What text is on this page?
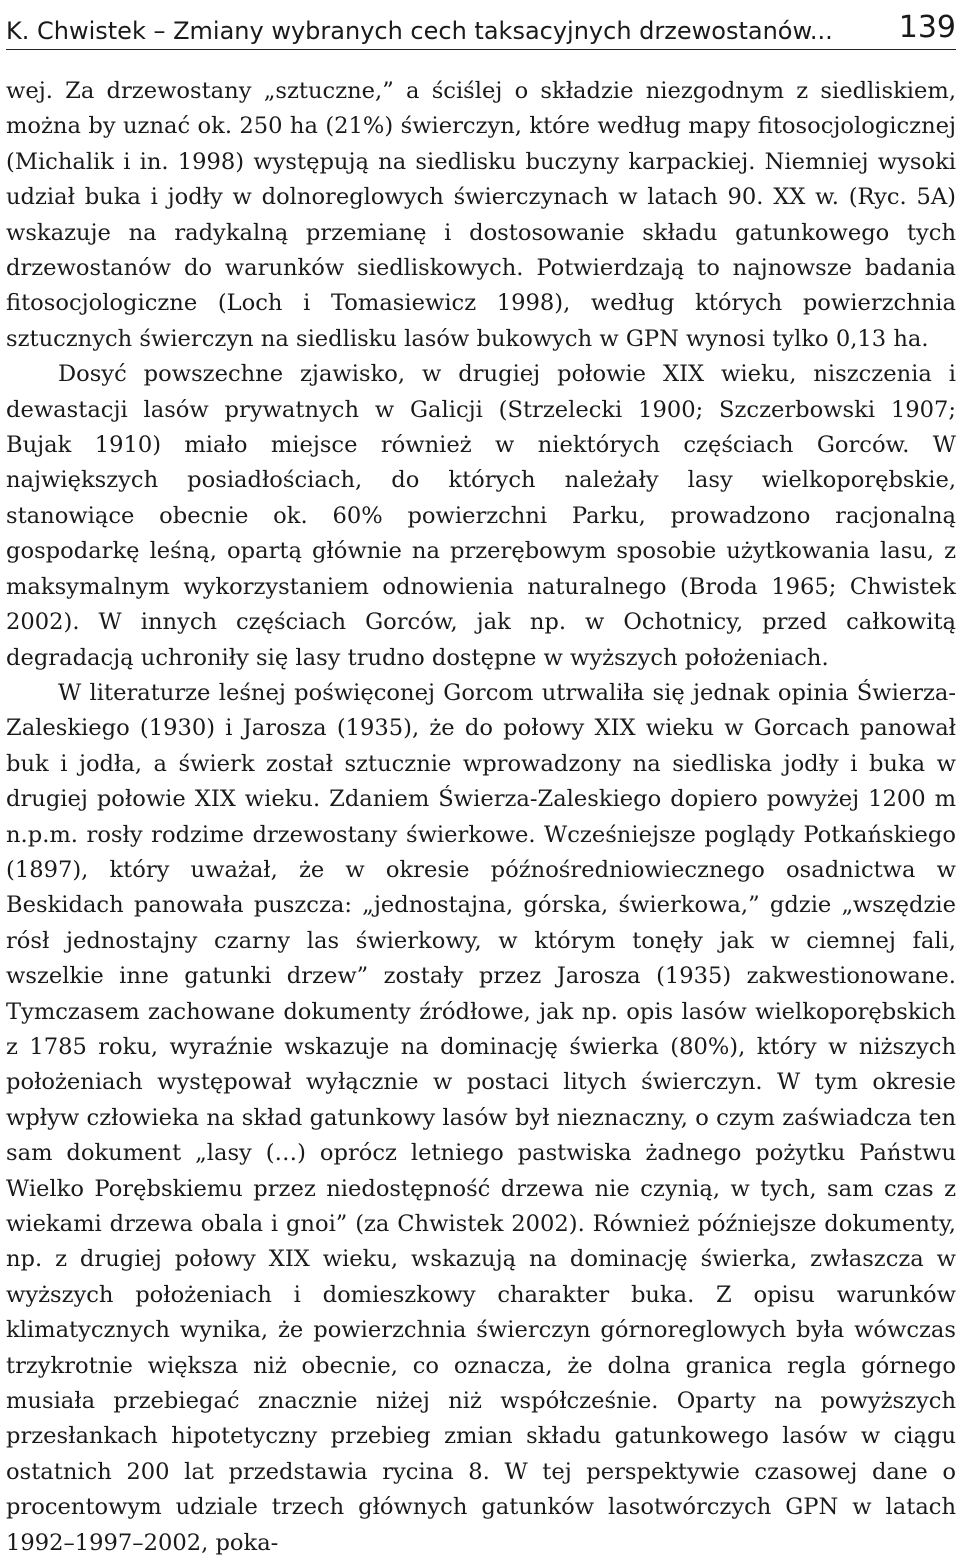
K. Chwistek – Zmiany wybranych cech taksacyjnych drzewostanów... 139

wej. Za drzewostany „sztuczne,” a ściślej o składzie niezgodnym z siedliskiem, można by uznać ok. 250 ha (21%) świerczyn, które według mapy fitosocjologicznej (Michalik i in. 1998) występują na siedlisku buczyny karpackiej. Niemniej wysoki udział buka i jodły w dolnoreglowych świerczynach w latach 90. XX w. (Ryc. 5A) wskazuje na radykalną przemianę i dostosowanie składu gatunkowego tych drzewostanów do warunków siedliskowych. Potwierdzają to najnowsze badania fitosocjologiczne (Loch i Tomasiewicz 1998), według których powierzchnia sztucznych świerczyn na siedlisku lasów bukowych w GPN wynosi tylko 0,13 ha.

Dosyć powszechne zjawisko, w drugiej połowie XIX wieku, niszczenia i dewastacji lasów prywatnych w Galicji (Strzelecki 1900; Szczerbowski 1907; Bujak 1910) miało miejsce również w niektórych częściach Gorców. W największych posiadłościach, do których należały lasy wielkoporębskie, stanowiące obecnie ok. 60% powierzchni Parku, prowadzono racjonalną gospodarkę leśną, opartą głównie na przerębowym sposobie użytkowania lasu, z maksymalnym wykorzystaniem odnowienia naturalnego (Broda 1965; Chwistek 2002). W innych częściach Gorców, jak np. w Ochotnicy, przed całkowitą degradacją uchroniły się lasy trudno dostępne w wyższych położeniach.

W literaturze leśnej poświęconej Gorcom utrwaliła się jednak opinia Świerza-Zaleskiego (1930) i Jarosza (1935), że do połowy XIX wieku w Gorcach panował buk i jodła, a świerk został sztucznie wprowadzony na siedliska jodły i buka w drugiej połowie XIX wieku. Zdaniem Świerza-Zaleskiego dopiero powyżej 1200 m n.p.m. rosły rodzime drzewostany świerkowe. Wcześniejsze poglądy Potkańskiego (1897), który uważał, że w okresie późnośredniowiecznego osadnictwa w Beskidach panowała puszcza: „jednostajna, górska, świerkowa,” gdzie „wszędzie rósł jednostajny czarny las świerkowy, w którym tonęły jak w ciemnej fali, wszelkie inne gatunki drzew” zostały przez Jarosza (1935) zakwestionowane. Tymczasem zachowane dokumenty źródłowe, jak np. opis lasów wielkoporębskich z 1785 roku, wyraźnie wskazuje na dominację świerka (80%), który w niższych położeniach występował wyłącznie w postaci litych świerczyn. W tym okresie wpływ człowieka na skład gatunkowy lasów był nieznaczny, o czym zaświadcza ten sam dokument „lasy (…) oprócz letniego pastwiska żadnego pożytku Państwu Wielko Porębskiemu przez niedostępność drzewa nie czynią, w tych, sam czas z wiekami drzewa obala i gnoi” (za Chwistek 2002). Również późniejsze dokumenty, np. z drugiej połowy XIX wieku, wskazują na dominację świerka, zwłaszcza w wyższych położeniach i domieszkowy charakter buka. Z opisu warunków klimatycznych wynika, że powierzchnia świerczyn górnoreglowych była wówczas trzykrotnie większa niż obecnie, co oznacza, że dolna granica regla górnego musiała przebiegać znacznie niżej niż współcześnie. Oparty na powyższych przesłankach hipotetyczny przebieg zmian składu gatunkowego lasów w ciągu ostatnich 200 lat przedstawia rycina 8. W tej perspektywie czasowej dane o procentowym udziale trzech głównych gatunków lasotwórczych GPN w latach 1992–1997–2002, poka-
